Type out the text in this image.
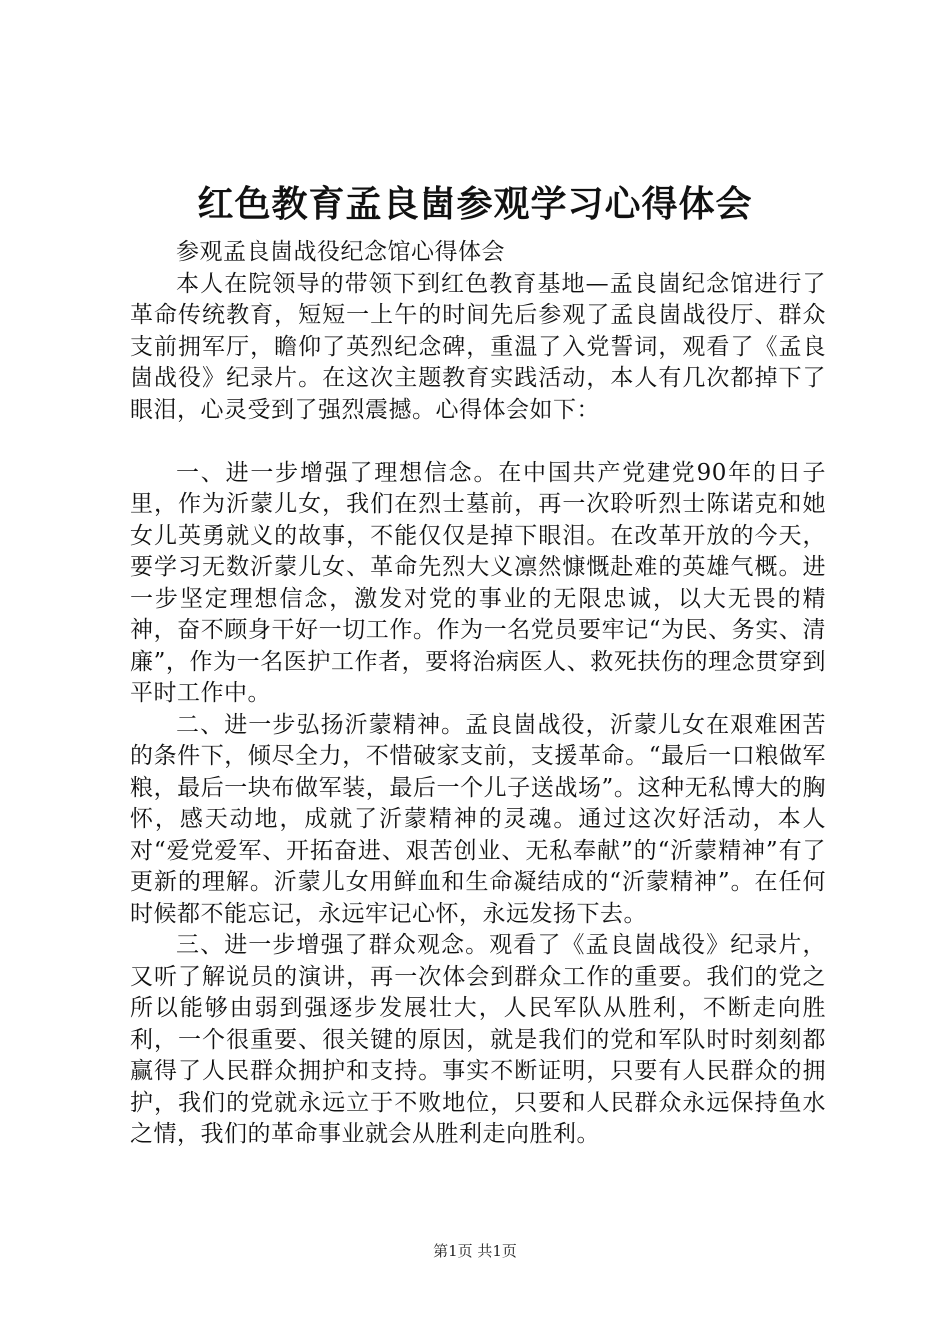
红色教育孟良崮参观学习心得体会

参观孟良崮战役纪念馆心得体会

本人在院领导的带领下到红色教育基地—孟良崮纪念馆进行了革命传统教育，短短一上午的时间先后参观了孟良崮战役厅、群众支前拥军厅，瞻仰了英烈纪念碑，重温了入党誓词，观看了《孟良崮战役》纪录片。在这次主题教育实践活动，本人有几次都掉下了眼泪，心灵受到了强烈震撼。心得体会如下：

一、进一步增强了理想信念。在中国共产党建党90年的日子里，作为沂蒙儿女，我们在烈士墓前，再一次聆听烈士陈诺克和她女儿英勇就义的故事，不能仅仅是掉下眼泪。在改革开放的今天，要学习无数沂蒙儿女、革命先烈大义凛然慷慨赴难的英雄气概。进一步坚定理想信念，激发对党的事业的无限忠诚，以大无畏的精神，奋不顾身干好一切工作。作为一名党员要牢记“为民、务实、清廉”，作为一名医护工作者，要将治病医人、救死扶伤的理念贯穿到平时工作中。

二、进一步弘扬沂蒙精神。孟良崮战役，沂蒙儿女在艰难困苦的条件下，倾尽全力，不惜破家支前，支援革命。“最后一口粮做军粮，最后一块布做军装，最后一个儿子送战场”。这种无私博大的胸怀，感天动地，成就了沂蒙精神的灵魂。通过这次好活动，本人对“爱党爱军、开拓奋进、艰苦创业、无私奉献”的“沂蒙精神”有了更新的理解。沂蒙儿女用鲜血和生命凝结成的“沂蒙精神”。在任何时候都不能忘记，永远牢记心怀，永远发扬下去。

三、进一步增强了群众观念。观看了《孟良崮战役》纪录片，又听了解说员的演讲，再一次体会到群众工作的重要。我们的党之所以能够由弱到强逐步发展壮大，人民军队从胜利，不断走向胜利，一个很重要、很关键的原因，就是我们的党和军队时时刻刻都赢得了人民群众拥护和支持。事实不断证明，只要有人民群众的拥护，我们的党就永远立于不败地位，只要和人民群众永远保持鱼水之情，我们的革命事业就会从胜利走向胜利。

第1页 共1页
